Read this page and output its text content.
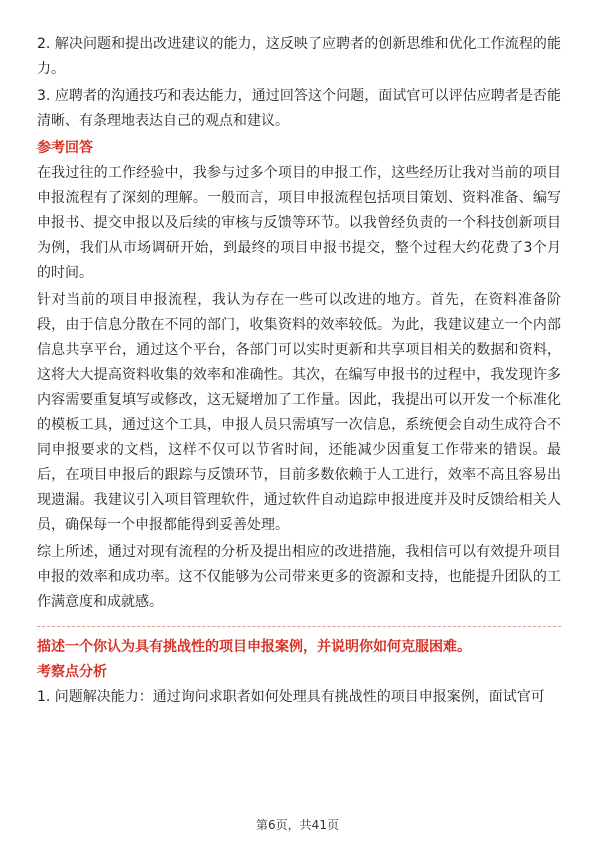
2. 解决问题和提出改进建议的能力，这反映了应聘者的创新思维和优化工作流程的能力。

3. 应聘者的沟通技巧和表达能力，通过回答这个问题，面试官可以评估应聘者是否能清晰、有条理地表达自己的观点和建议。

参考回答

在我过往的工作经验中，我参与过多个项目的申报工作，这些经历让我对当前的项目申报流程有了深刻的理解。一般而言，项目申报流程包括项目策划、资料准备、编写申报书、提交申报以及后续的审核与反馈等环节。以我曾经负责的一个科技创新项目为例，我们从市场调研开始，到最终的项目申报书提交，整个过程大约花费了3个月的时间。

针对当前的项目申报流程，我认为存在一些可以改进的地方。首先，在资料准备阶段，由于信息分散在不同的部门，收集资料的效率较低。为此，我建议建立一个内部信息共享平台，通过这个平台，各部门可以实时更新和共享项目相关的数据和资料，这将大大提高资料收集的效率和准确性。其次，在编写申报书的过程中，我发现许多内容需要重复填写或修改，这无疑增加了工作量。因此，我提出可以开发一个标准化的模板工具，通过这个工具，申报人员只需填写一次信息，系统便会自动生成符合不同申报要求的文档，这样不仅可以节省时间，还能减少因重复工作带来的错误。最后，在项目申报后的跟踪与反馈环节，目前多数依赖于人工进行，效率不高且容易出现遗漏。我建议引入项目管理软件，通过软件自动追踪申报进度并及时反馈给相关人员，确保每一个申报都能得到妥善处理。

综上所述，通过对现有流程的分析及提出相应的改进措施，我相信可以有效提升项目申报的效率和成功率。这不仅能够为公司带来更多的资源和支持，也能提升团队的工作满意度和成就感。

描述一个你认为具有挑战性的项目申报案例，并说明你如何克服困难。

考察点分析

1. 问题解决能力：通过询问求职者如何处理具有挑战性的项目申报案例，面试官可

第6页，共41页
